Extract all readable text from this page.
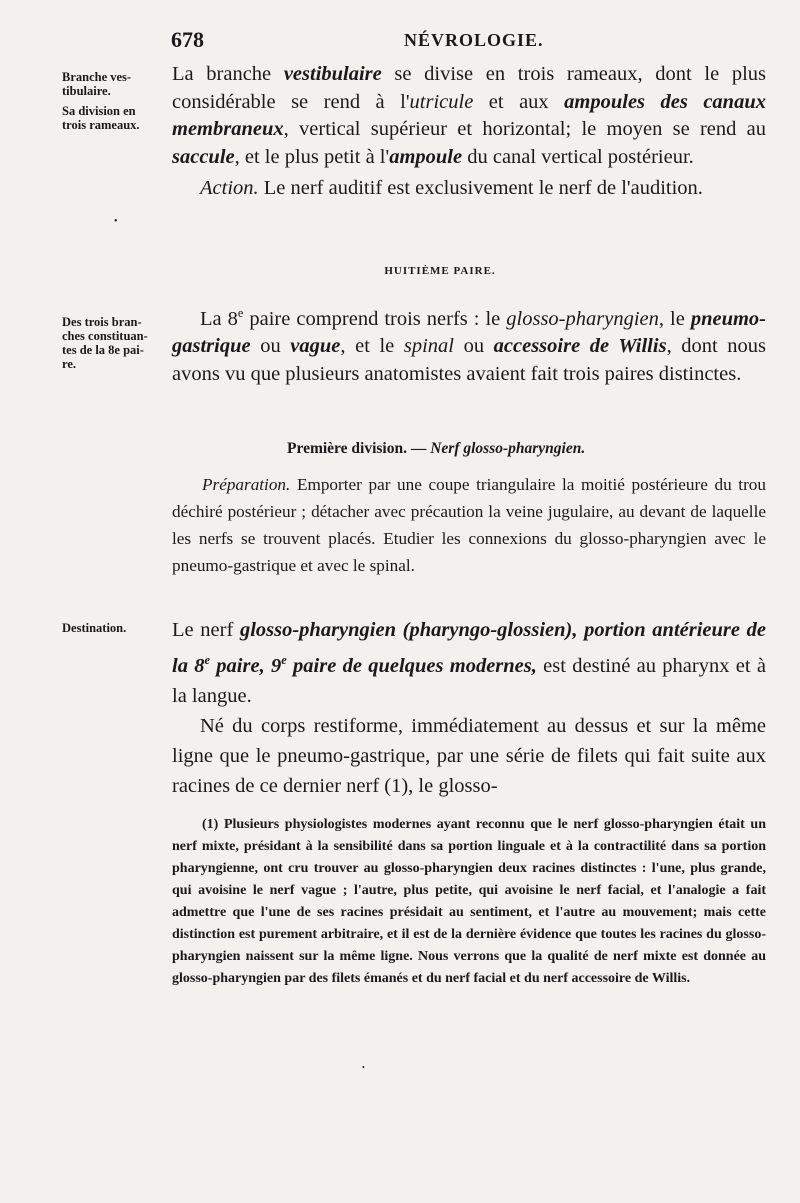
678	NÉVROLOGIE.
Branche ves-tibulaire.
Sa division en trois rameaux.
Des trois bran-ches constituan-tes de la 8e pai-re.
Destination.
•

La branche vestibulaire se divise en trois rameaux, dont le plus considérable se rend à l'utricule et aux ampoules des canaux membraneux, vertical supérieur et horizontal; le moyen se rend au saccule, et le plus petit à l'ampoule du canal vertical postérieur.

Action. Le nerf auditif est exclusivement le nerf de l'audition.

HUITIÈME PAIRE.

La 8e paire comprend trois nerfs : le glosso-pharyngien, le pneumo-gastrique ou vague, et le spinal ou accessoire de Willis, dont nous avons vu que plusieurs anatomistes avaient fait trois paires distinctes.

Première division. — Nerf glosso-pharyngien.

Préparation. Emporter par une coupe triangulaire la moitié postérieure du trou déchiré postérieur ; détacher avec précaution la veine jugulaire, au devant de laquelle les nerfs se trouvent placés. Etudier les connexions du glosso-pharyngien avec le pneumo-gastrique et avec le spinal.

Le nerf glosso-pharyngien (pharyngo-glossien), portion antérieure de la 8e paire, 9e paire de quelques modernes, est destiné au pharynx et à la langue.

Né du corps restiforme, immédiatement au dessus et sur la même ligne que le pneumo-gastrique, par une série de filets qui fait suite aux racines de ce dernier nerf (1), le glosso-

(1) Plusieurs physiologistes modernes ayant reconnu que le nerf glosso-pharyngien était un nerf mixte, présidant à la sensibilité dans sa portion linguale et à la contractilité dans sa portion pharyngienne, ont cru trouver au glosso-pharyngien deux racines distinctes : l'une, plus grande, qui avoisine le nerf vague ; l'autre, plus petite, qui avoisine le nerf facial, et l'analogie a fait admettre que l'une de ses racines présidait au sentiment, et l'autre au mouvement; mais cette distinction est purement arbitraire, et il est de la dernière évidence que toutes les racines du glosso-pharyngien naissent sur la même ligne. Nous verrons que la qualité de nerf mixte est donnée au glosso-pharyngien par des filets émanés et du nerf facial et du nerf accessoire de Willis.

•
